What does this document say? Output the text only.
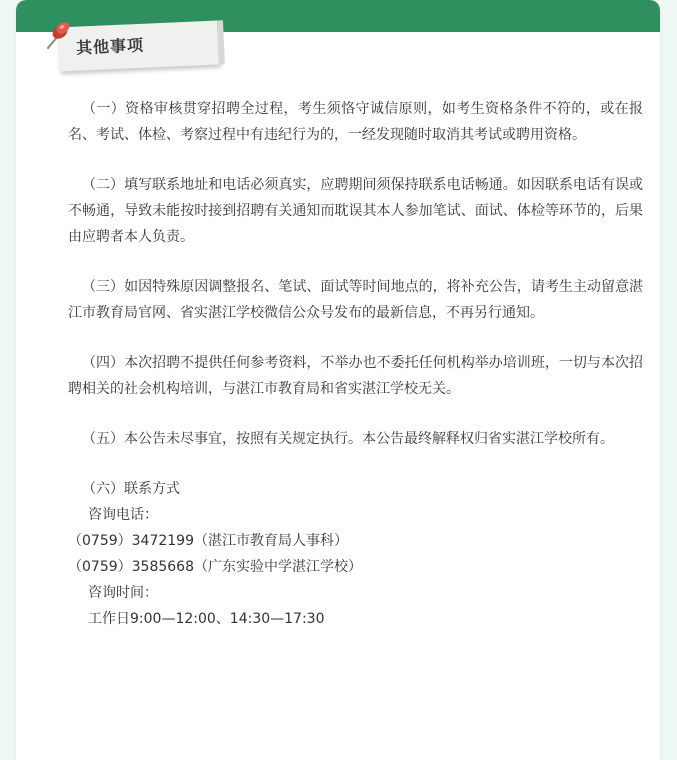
其他事项

（一）资格审核贯穿招聘全过程，考生须恪守诚信原则，如考生资格条件不符的，或在报名、考试、体检、考察过程中有违纪行为的，一经发现随时取消其考试或聘用资格。

（二）填写联系地址和电话必须真实，应聘期间须保持联系电话畅通。如因联系电话有误或不畅通，导致未能按时接到招聘有关通知而耽误其本人参加笔试、面试、体检等环节的，后果由应聘者本人负责。

（三）如因特殊原因调整报名、笔试、面试等时间地点的，将补充公告，请考生主动留意湛江市教育局官网、省实湛江学校微信公众号发布的最新信息，不再另行通知。

（四）本次招聘不提供任何参考资料，不举办也不委托任何机构举办培训班，一切与本次招聘相关的社会机构培训，与湛江市教育局和省实湛江学校无关。

（五）本公告未尽事宜，按照有关规定执行。本公告最终解释权归省实湛江学校所有。

（六）联系方式
咨询电话：
（0759）3472199（湛江市教育局人事科）
（0759）3585668（广东实验中学湛江学校）
咨询时间：
工作日9:00—12:00、14:30—17:30
